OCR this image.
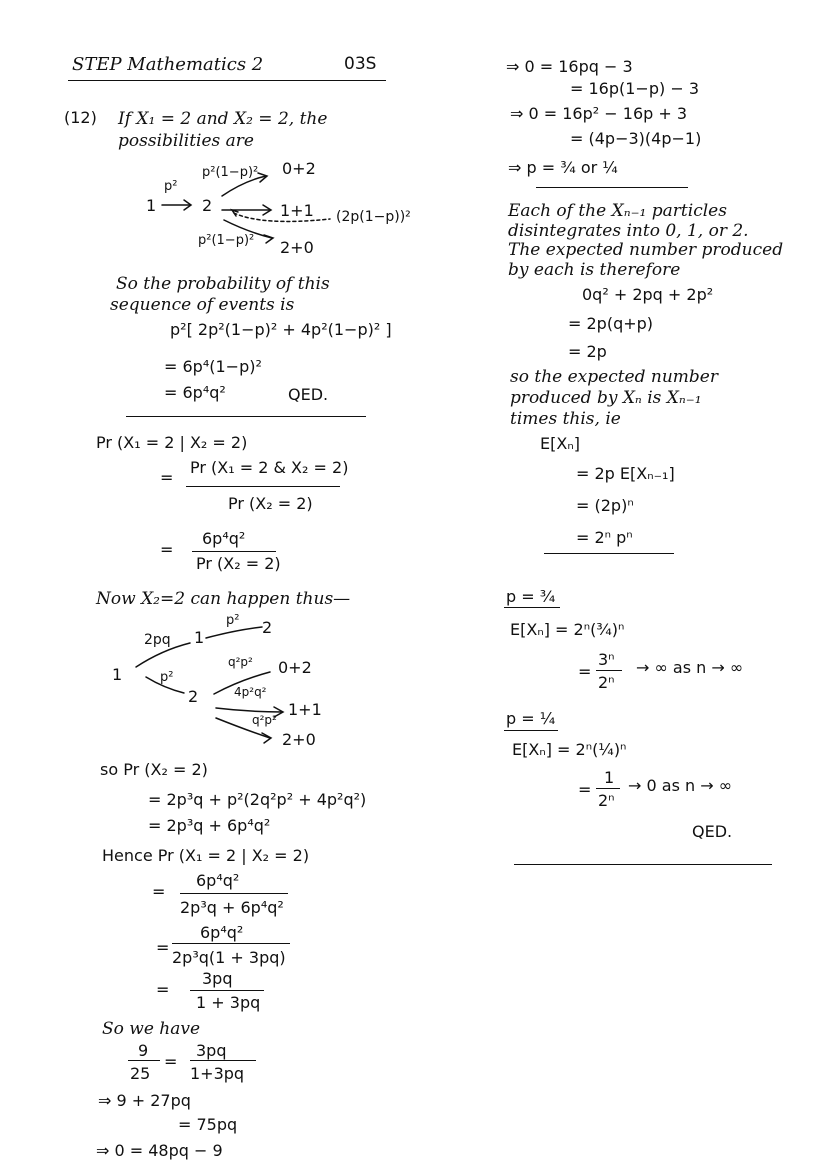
STEP Mathematics 2	03S
(12) If X₁ = 2 and X₂ = 2, the
possibilities are
1
p²
2
p²(1−p)² 0+2
1+1 (2p(1−p))²
p²(1−p)² 2+0
So the probability of this
sequence of events is
p²[ 2p²(1−p)² + 4p²(1−p)² ]
= 6p⁴(1−p)²
= 6p⁴q²	QED.
Pr (X₁ = 2 | X₂ = 2)
=
Pr (X₁ = 2 & X₂ = 2)
Pr (X₂ = 2)
=
6p⁴q²
Pr (X₂ = 2)
Now X₂=2 can happen thus—
1
2pq 1
p² 2
p²
2
q²p² 0+2
4p²q²
1+1
q²p²
2+0
so Pr (X₂ = 2)
= 2p³q + p²(2q²p² + 4p²q²)
= 2p³q + 6p⁴q²
Hence Pr (X₁ = 2 | X₂ = 2)
=
6p⁴q²
2p³q + 6p⁴q²
=
6p⁴q²
2p³q(1 + 3pq)
=
3pq
1 + 3pq
So we have
9
25
=
3pq
1+3pq
⇒ 9 + 27pq
= 75pq
⇒ 0 = 48pq − 9
⇒ 0 = 16pq − 3
= 16p(1−p) − 3
⇒ 0 = 16p² − 16p + 3
= (4p−3)(4p−1)
⇒ p = ³⁄₄ or ¼
Each of the Xₙ₋₁ particles
disintegrates into 0, 1, or 2.
The expected number produced
by each is therefore
0q² + 2pq + 2p²
= 2p(q+p)
= 2p
so the expected number
produced by Xₙ is Xₙ₋₁
times this, ie
E[Xₙ]
= 2p E[Xₙ₋₁]
= (2p)ⁿ
= 2ⁿ pⁿ
p = ³⁄₄
E[Xₙ] = 2ⁿ(³⁄₄)ⁿ
=
3ⁿ
2ⁿ
→ ∞ as n → ∞
p = ¼
E[Xₙ] = 2ⁿ(¼)ⁿ
=
1
2ⁿ
→ 0 as n → ∞
QED.
